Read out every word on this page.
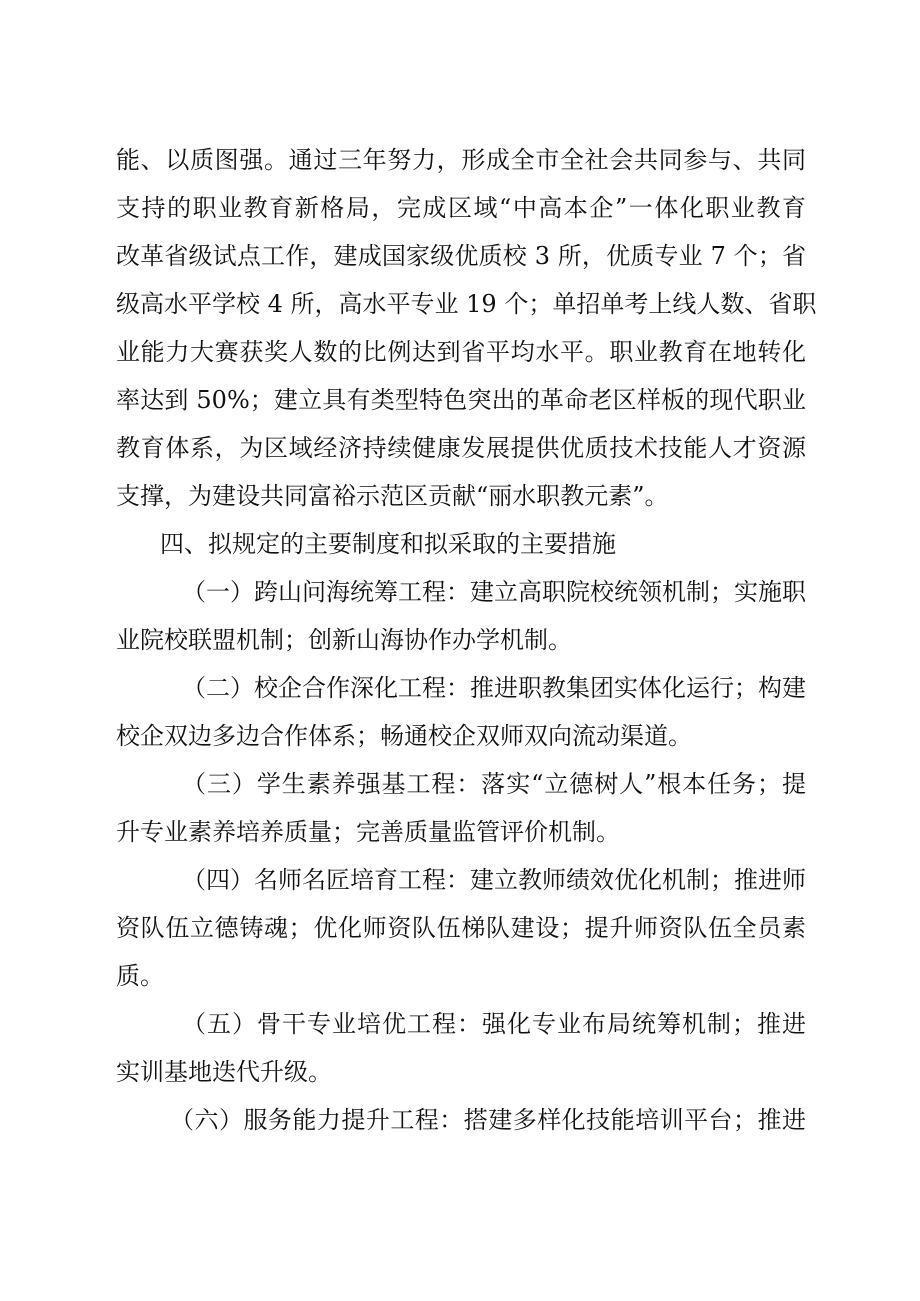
能、以质图强。通过三年努力，形成全市全社会共同参与、共同
支持的职业教育新格局，完成区域“中高本企”一体化职业教育
改革省级试点工作，建成国家级优质校 3 所，优质专业 7 个；省
级高水平学校 4 所，高水平专业 19 个；单招单考上线人数、省职
业能力大赛获奖人数的比例达到省平均水平。职业教育在地转化
率达到 50%；建立具有类型特色突出的革命老区样板的现代职业
教育体系，为区域经济持续健康发展提供优质技术技能人才资源
支撑，为建设共同富裕示范区贡献“丽水职教元素”。
四、拟规定的主要制度和拟采取的主要措施
（一）跨山问海统筹工程：建立高职院校统领机制；实施职
业院校联盟机制；创新山海协作办学机制。
（二）校企合作深化工程：推进职教集团实体化运行；构建
校企双边多边合作体系；畅通校企双师双向流动渠道。
（三）学生素养强基工程：落实“立德树人”根本任务；提
升专业素养培养质量；完善质量监管评价机制。
（四）名师名匠培育工程：建立教师绩效优化机制；推进师
资队伍立德铸魂；优化师资队伍梯队建设；提升师资队伍全员素
质。
（五）骨干专业培优工程：强化专业布局统筹机制；推进
实训基地迭代升级。
（六）服务能力提升工程：搭建多样化技能培训平台；推进
